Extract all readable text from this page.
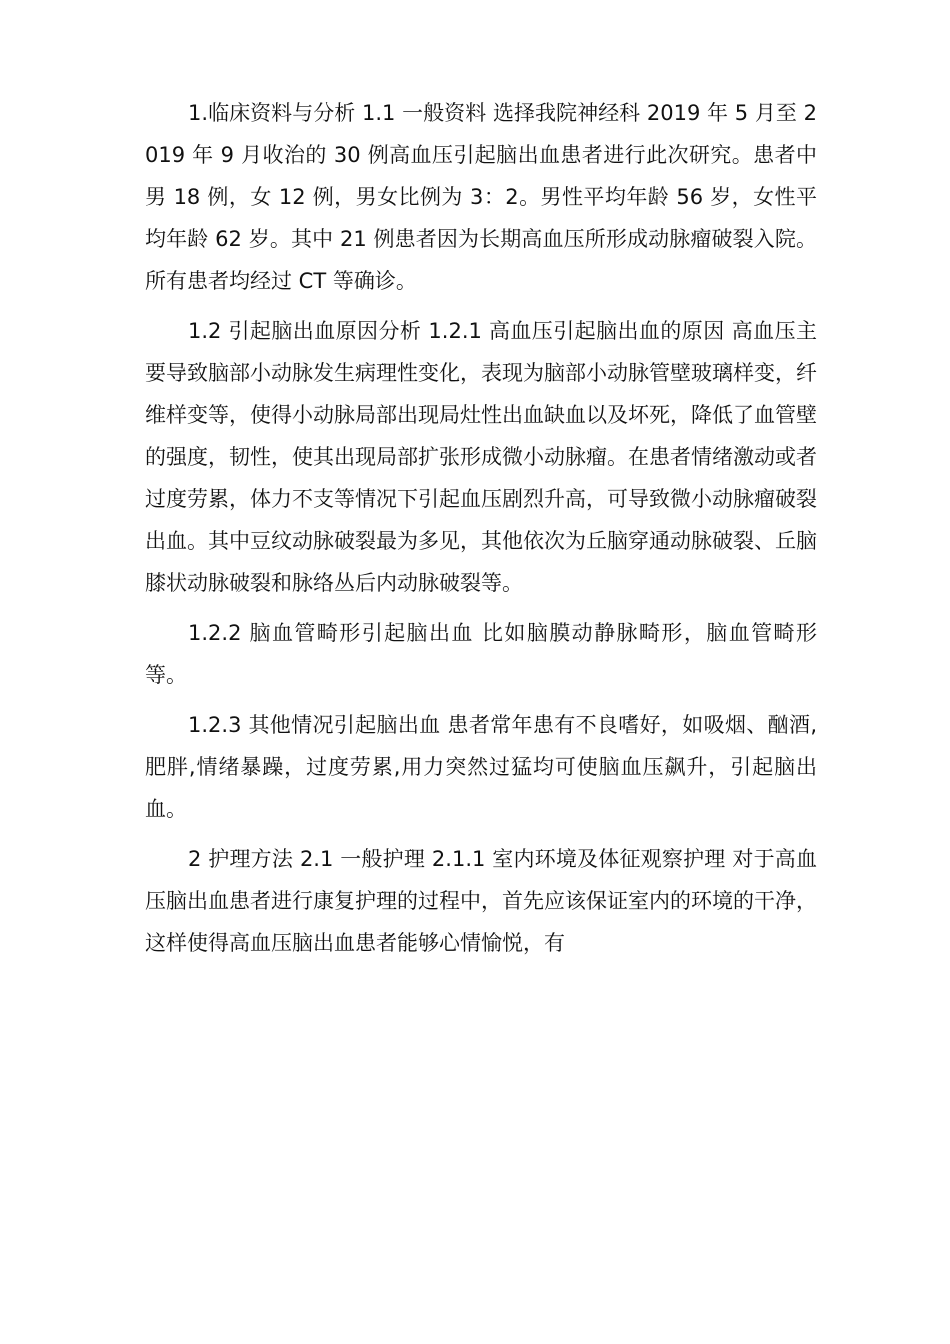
1.临床资料与分析 1.1 一般资料 选择我院神经科 2019 年 5 月至 2019 年 9 月收治的 30 例高血压引起脑出血患者进行此次研究。患者中男 18 例，女 12 例，男女比例为 3：2。男性平均年龄 56 岁，女性平均年龄 62 岁。其中 21 例患者因为长期高血压所形成动脉瘤破裂入院。所有患者均经过 CT 等确诊。

1.2 引起脑出血原因分析 1.2.1 高血压引起脑出血的原因 高血压主要导致脑部小动脉发生病理性变化，表现为脑部小动脉管壁玻璃样变，纤维样变等，使得小动脉局部出现局灶性出血缺血以及坏死，降低了血管壁的强度，韧性，使其出现局部扩张形成微小动脉瘤。在患者情绪激动或者过度劳累，体力不支等情况下引起血压剧烈升高，可导致微小动脉瘤破裂出血。其中豆纹动脉破裂最为多见，其他依次为丘脑穿通动脉破裂、丘脑膝状动脉破裂和脉络丛后内动脉破裂等。

1.2.2 脑血管畸形引起脑出血 比如脑膜动静脉畸形，脑血管畸形等。

1.2.3 其他情况引起脑出血 患者常年患有不良嗜好，如吸烟、酗酒,肥胖,情绪暴躁，过度劳累,用力突然过猛均可使脑血压飙升，引起脑出血。

2 护理方法 2.1 一般护理 2.1.1 室内环境及体征观察护理 对于高血压脑出血患者进行康复护理的过程中，首先应该保证室内的环境的干净，这样使得高血压脑出血患者能够心情愉悦，有
